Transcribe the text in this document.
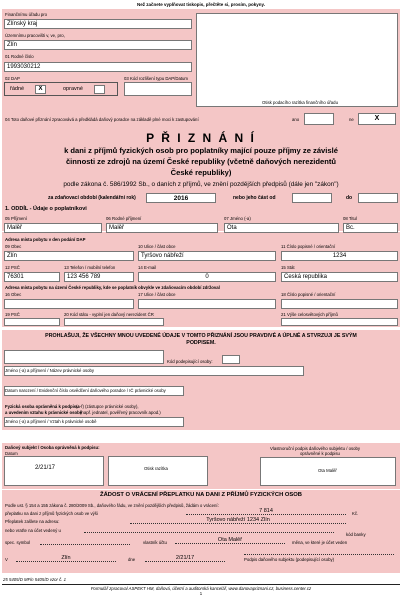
Než začnete vyplňovat tiskopis, přečtěte si, prosím, pokyny.
Finančnímu úřadu pro
Zlínský kraj
Územnímu pracovišti v, ve, pro,
Zlín
01 Rodné číslo
1993030212
02 DAP	03 Kód rozlišení typu DAP/Datum
řádné	X	opravné
Otisk podacího razítka finančního úřadu
04 Toto daňové přiznání zpracovává a předkládá daňový poradce na základě plné moci k zastupování	ano	ne	X
P Ř I Z N Á N Í
k dani z příjmů fyzických osob pro poplatníky mající pouze příjmy ze závislé
činnosti ze zdrojů na území České republiky (včetně daňových nerezidentů
České republiky)
podle zákona č. 586/1992 Sb., o daních z příjmů, ve znění pozdějších předpisů (dále jen "zákon")
za zdaňovací období (kalendářní rok)	2016	nebo jeho část od	do
1. ODDÍL - Údaje o poplatníkovi
05 Příjmení
Malěř
06 Rodné příjmení
Malěř
07 Jméno (-a)
Ota
08 Titul
Bc.
Adresa místa pobytu v den podání DAP
09 Obec
Zlín
10 Ulice / část obce
Tyršovo nábřeží
11 Číslo popisné / orientační
1234
12 PSČ
76301
13 Telefon / mobilní telefon
123 456 789
14 E-mail
0
15 Stát
Česká republika
Adresa místa pobytu na území České republiky, kde se poplatník obvykle ve zdaňovacím období zdržoval
16 Obec	17 Ulice / část obce	18 Číslo popisné / orientační
19 PSČ	20 Kód státu - vyplní jen daňový nerezident ČR	21 Výše celosvětových příjmů
PROHLAŠUJI, ŽE VŠECHNY MNOU UVEDENÉ ÚDAJE V TOMTO PŘIZNÁNÍ JSOU PRAVDIVÉ A ÚPLNÉ A STVRZUJI JE SVÝM
PODPISEM.
Kód podepisující osoby:
Jméno (-a) a příjmení / Název právnické osoby
Datum narození / Evidenční číslo osvědčení daňového poradce / IČ právnické osoby
Fyzická osoba oprávněná k podpisu
(a-f) (zástupce právnické osoby),
a uvedením vztahu k právnické osobě
(např. jednatel, pověřený pracovník apod.)
Jméno (-a) a příjmení / Vztah k právnické osobě
Daňový subjekt / Osoba oprávněná k podpisu:
Datum
2/21/17	Otisk razítka
Vlastnoruční podpis daňového subjektu / osoby
oprávněné k podpisu
Ota Malěř
ŽÁDOST O VRÁCENÍ PŘEPLATKU NA DANI Z PŘÍJMŮ FYZICKÝCH OSOB
Podle ust. § 154 a 155 zákona č. 280/2009 Sb., daňového řádu, ve znění pozdějších předpisů, žádám o vrácení:
přeplatku na dani z příjmů fyzických osob ve výši	7 814	Kč.
Přeplatek zašlete na adresu:	Tyršovo nábřeží 1234 Zlín
nebo vraťte na účet vedený u
kód banky
spec. symbol	vlastník účtu	Ota Malěř	měna, ve které je účet veden
V	Zlín	dne	2/21/17	Podpis daňového subjektu (podepisující osoby)
25 5405/D MFin 5405/D vzor č. 1
Formulář zpracoval ASPEKT HM, daňová, účetní a auditorská kancelář, www.danovapriznani.cz, business.center.cz
1
